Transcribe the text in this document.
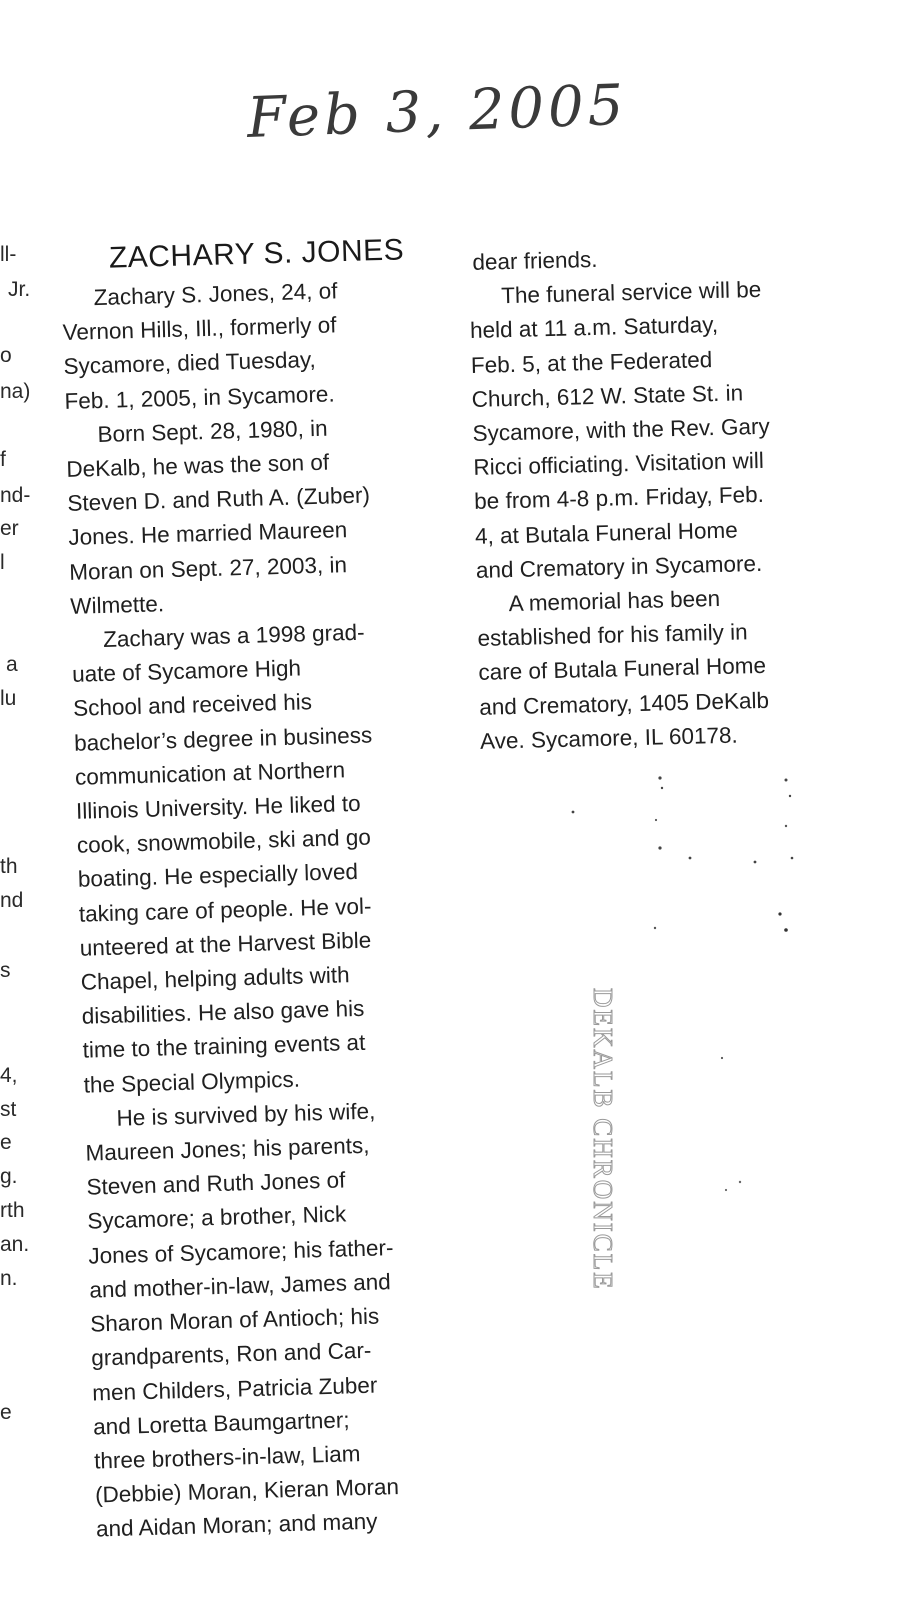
Feb 3, 2005
ll-
Jr.
o
na)
f
nd-
er
l
a
lu
th
nd
s
4,
st
e
g.
rth
an.
n.
e
ZACHARY S. JONES

Zachary S. Jones, 24, of
Vernon Hills, Ill., formerly of
Sycamore, died Tuesday,
Feb. 1, 2005, in Sycamore.

Born Sept. 28, 1980, in
DeKalb, he was the son of
Steven D. and Ruth A. (Zuber)
Jones. He married Maureen
Moran on Sept. 27, 2003, in
Wilmette.

Zachary was a 1998 grad-
uate of Sycamore High
School and received his
bachelor’s degree in business
communication at Northern
Illinois University. He liked to
cook, snowmobile, ski and go
boating. He especially loved
taking care of people. He vol-
unteered at the Harvest Bible
Chapel, helping adults with
disabilities. He also gave his
time to the training events at
the Special Olympics.

He is survived by his wife,
Maureen Jones; his parents,
Steven and Ruth Jones of
Sycamore; a brother, Nick
Jones of Sycamore; his father-
and mother-in-law, James and
Sharon Moran of Antioch; his
grandparents, Ron and Car-
men Childers, Patricia Zuber
and Loretta Baumgartner;
three brothers-in-law, Liam
(Debbie) Moran, Kieran Moran
and Aidan Moran; and many

dear friends.

The funeral service will be
held at 11 a.m. Saturday,
Feb. 5, at the Federated
Church, 612 W. State St. in
Sycamore, with the Rev. Gary
Ricci officiating. Visitation will
be from 4-8 p.m. Friday, Feb.
4, at Butala Funeral Home
and Crematory in Sycamore.

A memorial has been
established for his family in
care of Butala Funeral Home
and Crematory, 1405 DeKalb
Ave. Sycamore, IL 60178.

DEKALB CHRONICLE
